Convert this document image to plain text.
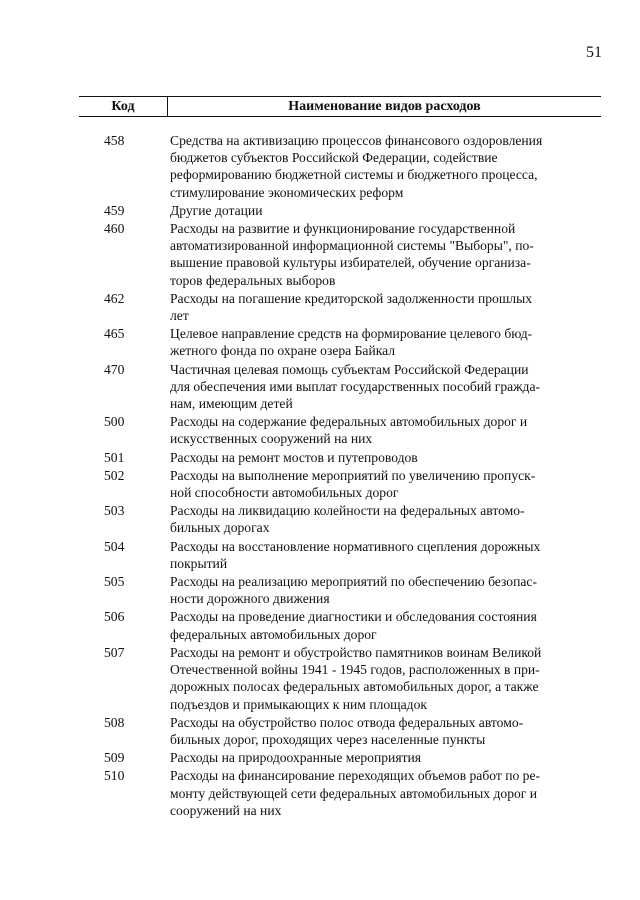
51
Код	Наименование видов расходов
458	Средства на активизацию процессов финансового оздоровления
бюджетов субъектов Российской Федерации, содействие
реформированию бюджетной системы и бюджетного процесса,
стимулирование экономических реформ
459	Другие дотации
460	Расходы на развитие и функционирование государственной
автоматизированной информационной системы "Выборы", по-
вышение правовой культуры избирателей, обучение организа-
торов федеральных выборов
462	Расходы на погашение кредиторской задолженности прошлых
лет
465	Целевое направление средств на формирование целевого бюд-
жетного фонда по охране озера Байкал
470	Частичная целевая помощь субъектам Российской Федерации
для обеспечения ими выплат государственных пособий гражда-
нам, имеющим детей
500	Расходы на содержание федеральных автомобильных дорог и
искусственных сооружений на них
501	Расходы на ремонт мостов и путепроводов
502	Расходы на выполнение мероприятий по увеличению пропуск-
ной способности автомобильных дорог
503	Расходы на ликвидацию колейности на федеральных автомо-
бильных дорогах
504	Расходы на восстановление нормативного сцепления дорожных
покрытий
505	Расходы на реализацию мероприятий по обеспечению безопас-
ности дорожного движения
506	Расходы на проведение диагностики и обследования состояния
федеральных автомобильных дорог
507	Расходы на ремонт и обустройство памятников воинам Великой
Отечественной войны 1941 - 1945 годов, расположенных в при-
дорожных полосах федеральных автомобильных дорог, а также
подъездов и примыкающих к ним площадок
508	Расходы на обустройство полос отвода федеральных автомо-
бильных дорог, проходящих через населенные пункты
509	Расходы на природоохранные мероприятия
510	Расходы на финансирование переходящих объемов работ по ре-
монту действующей сети федеральных автомобильных дорог и
сооружений на них
